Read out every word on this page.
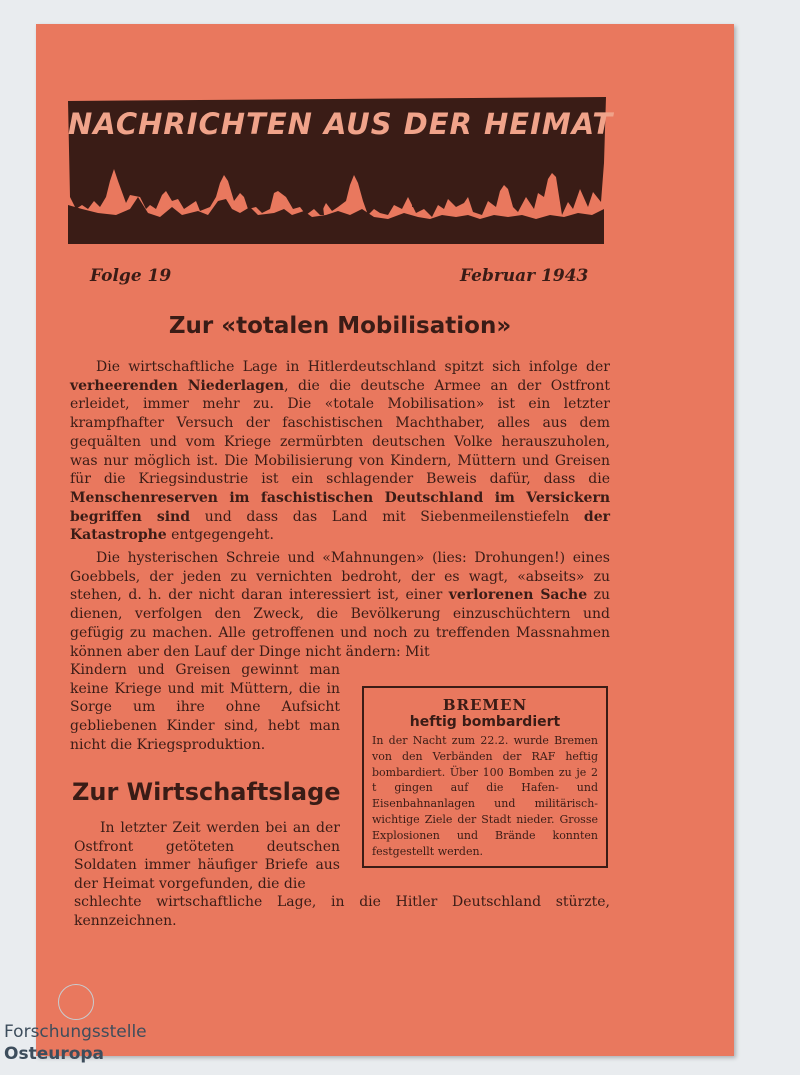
NACHRICHTEN AUS DER HEIMAT
Folge 19	Februar 1943
Zur «totalen Mobilisation»
Die wirtschaftliche Lage in Hitlerdeutschland spitzt sich infolge der verheerenden Niederlagen, die die deutsche Armee an der Ostfront erleidet, immer mehr zu. Die «totale Mobilisation» ist ein letzter krampfhafter Versuch der faschistischen Machthaber, alles aus dem gequälten und vom Kriege zermürbten deutschen Volke herauszuholen, was nur möglich ist. Die Mobilisierung von Kindern, Müttern und Greisen für die Kriegsindustrie ist ein schlagender Beweis dafür, dass die Menschenreserven im faschistischen Deutschland im Versickern begriffen sind und dass das Land mit Siebenmeilenstiefeln der Katastrophe entgegengeht.
Die hysterischen Schreie und «Mahnungen» (lies: Drohungen!) eines Goebbels, der jeden zu vernichten bedroht, der es wagt, «abseits» zu stehen, d. h. der nicht daran interessiert ist, einer verlorenen Sache zu dienen, verfolgen den Zweck, die Bevölkerung einzuschüchtern und gefügig zu machen. Alle getroffenen und noch zu treffenden Massnahmen können aber den Lauf der Dinge nicht ändern: Mit
Kindern und Greisen gewinnt man keine Kriege und mit Müttern, die in Sorge um ihre ohne Aufsicht gebliebenen Kinder sind, hebt man nicht die Kriegsproduktion.
BREMEN
heftig bombardiert
In der Nacht zum 22.2. wurde Bremen von den Verbänden der RAF heftig bombardiert. Über 100 Bomben zu je 2 t gingen auf die Hafen- und Eisenbahnanlagen und militärisch-wichtige Ziele der Stadt nieder. Grosse Explosionen und Brände konnten festgestellt werden.
Zur Wirtschaftslage
In letzter Zeit werden bei an der Ostfront getöteten deutschen Soldaten immer häufiger Briefe aus der Heimat vorgefunden, die die
schlechte wirtschaftliche Lage, in die Hitler Deutschland stürzte, kennzeichnen.
Forschungsstelle
Osteuropa
